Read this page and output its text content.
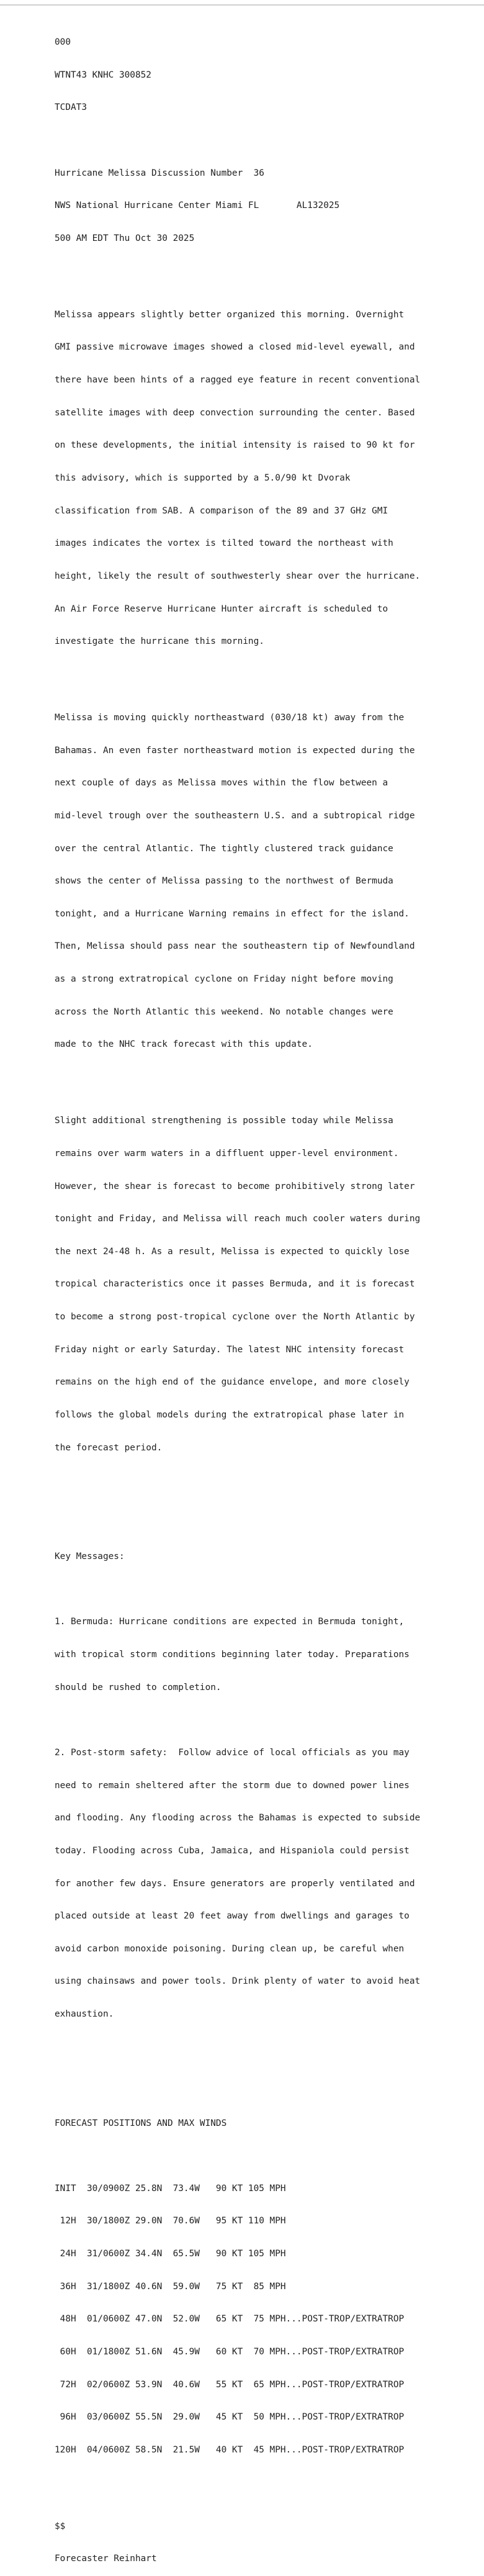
000

WTNT43 KNHC 300852

TCDAT3

Hurricane Melissa Discussion Number  36

NWS National Hurricane Center Miami FL       AL132025

500 AM EDT Thu Oct 30 2025

Melissa appears slightly better organized this morning. Overnight

GMI passive microwave images showed a closed mid-level eyewall, and

there have been hints of a ragged eye feature in recent conventional

satellite images with deep convection surrounding the center. Based

on these developments, the initial intensity is raised to 90 kt for

this advisory, which is supported by a 5.0/90 kt Dvorak

classification from SAB. A comparison of the 89 and 37 GHz GMI

images indicates the vortex is tilted toward the northeast with

height, likely the result of southwesterly shear over the hurricane.

An Air Force Reserve Hurricane Hunter aircraft is scheduled to

investigate the hurricane this morning.

Melissa is moving quickly northeastward (030/18 kt) away from the

Bahamas. An even faster northeastward motion is expected during the

next couple of days as Melissa moves within the flow between a

mid-level trough over the southeastern U.S. and a subtropical ridge

over the central Atlantic. The tightly clustered track guidance

shows the center of Melissa passing to the northwest of Bermuda

tonight, and a Hurricane Warning remains in effect for the island.

Then, Melissa should pass near the southeastern tip of Newfoundland

as a strong extratropical cyclone on Friday night before moving

across the North Atlantic this weekend. No notable changes were

made to the NHC track forecast with this update.

Slight additional strengthening is possible today while Melissa

remains over warm waters in a diffluent upper-level environment.

However, the shear is forecast to become prohibitively strong later

tonight and Friday, and Melissa will reach much cooler waters during

the next 24-48 h. As a result, Melissa is expected to quickly lose

tropical characteristics once it passes Bermuda, and it is forecast

to become a strong post-tropical cyclone over the North Atlantic by

Friday night or early Saturday. The latest NHC intensity forecast

remains on the high end of the guidance envelope, and more closely

follows the global models during the extratropical phase later in

the forecast period.

Key Messages:

1. Bermuda: Hurricane conditions are expected in Bermuda tonight,

with tropical storm conditions beginning later today. Preparations

should be rushed to completion.

2. Post-storm safety:  Follow advice of local officials as you may

need to remain sheltered after the storm due to downed power lines

and flooding. Any flooding across the Bahamas is expected to subside

today. Flooding across Cuba, Jamaica, and Hispaniola could persist

for another few days. Ensure generators are properly ventilated and

placed outside at least 20 feet away from dwellings and garages to

avoid carbon monoxide poisoning. During clean up, be careful when

using chainsaws and power tools. Drink plenty of water to avoid heat

exhaustion.

FORECAST POSITIONS AND MAX WINDS

INIT  30/0900Z 25.8N  73.4W   90 KT 105 MPH

12H  30/1800Z 29.0N  70.6W   95 KT 110 MPH

24H  31/0600Z 34.4N  65.5W   90 KT 105 MPH

36H  31/1800Z 40.6N  59.0W   75 KT  85 MPH

48H  01/0600Z 47.0N  52.0W   65 KT  75 MPH...POST-TROP/EXTRATROP

60H  01/1800Z 51.6N  45.9W   60 KT  70 MPH...POST-TROP/EXTRATROP

72H  02/0600Z 53.9N  40.6W   55 KT  65 MPH...POST-TROP/EXTRATROP

96H  03/0600Z 55.5N  29.0W   45 KT  50 MPH...POST-TROP/EXTRATROP

120H  04/0600Z 58.5N  21.5W   40 KT  45 MPH...POST-TROP/EXTRATROP

$$

Forecaster Reinhart
